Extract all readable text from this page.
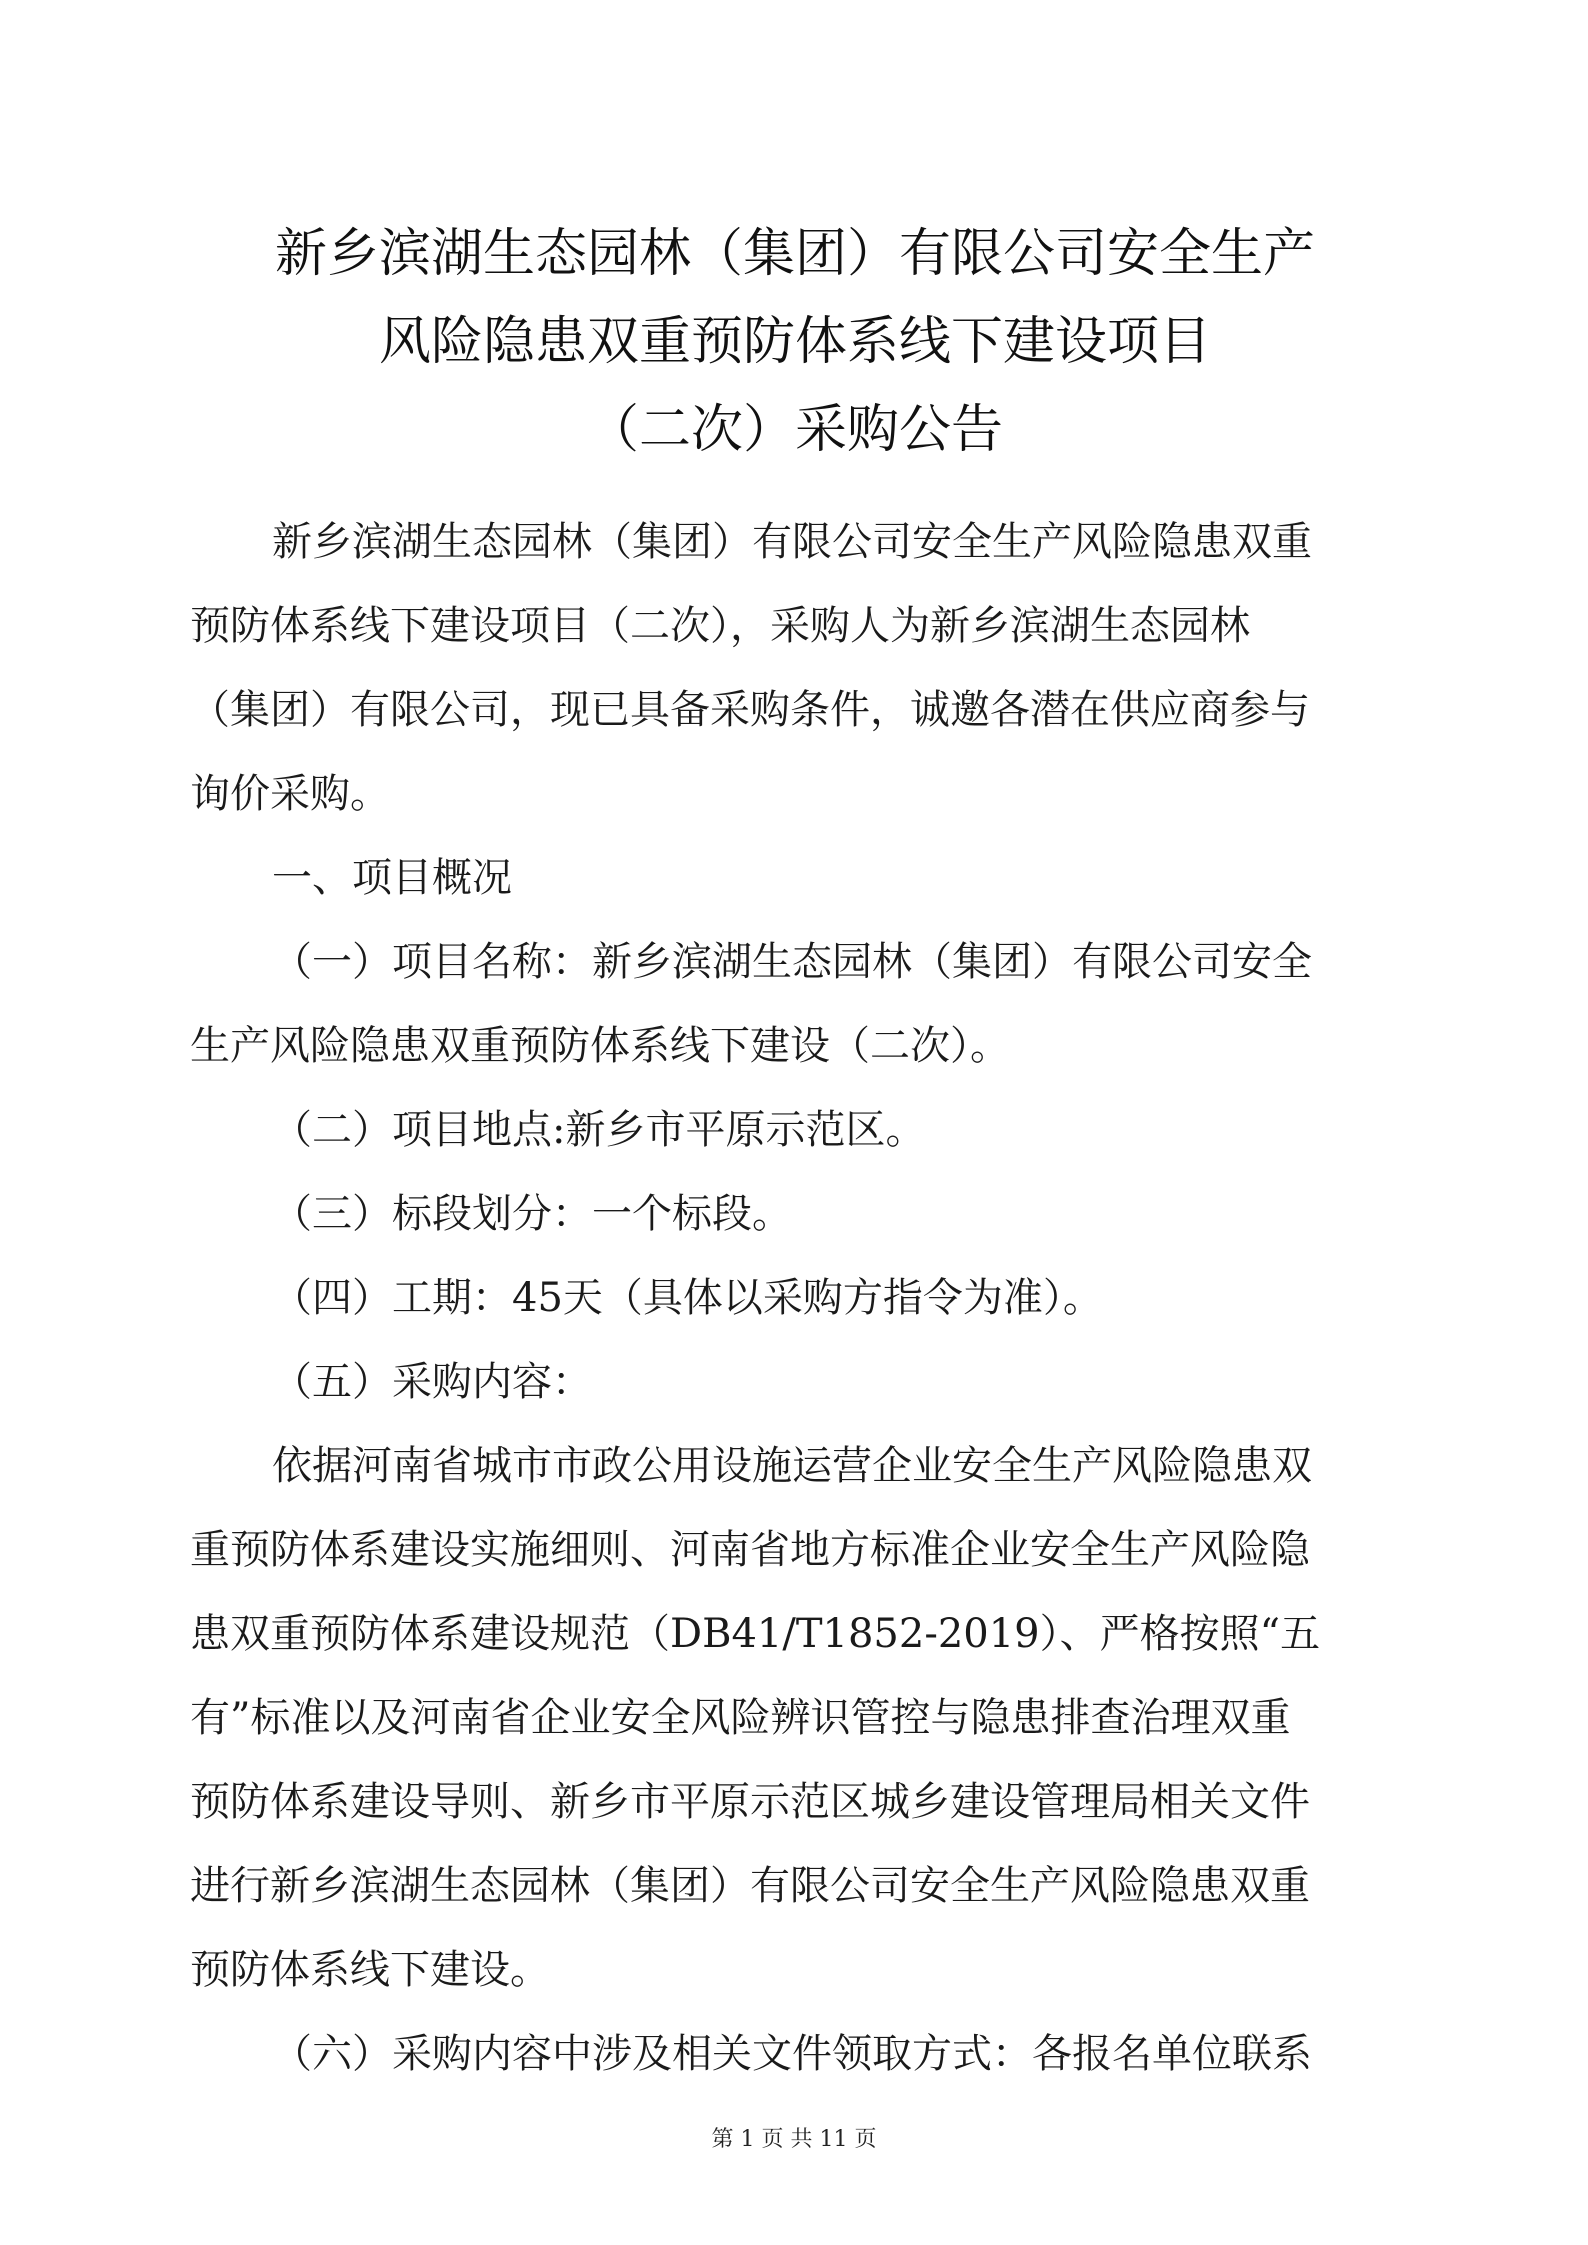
新乡滨湖生态园林（集团）有限公司安全生产
风险隐患双重预防体系线下建设项目
（二次）采购公告
新乡滨湖生态园林（集团）有限公司安全生产风险隐患双重
预防体系线下建设项目（二次），采购人为新乡滨湖生态园林
（集团）有限公司，现已具备采购条件，诚邀各潜在供应商参与
询价采购。
一、项目概况
（一）项目名称：新乡滨湖生态园林（集团）有限公司安全
生产风险隐患双重预防体系线下建设（二次）。
（二）项目地点:新乡市平原示范区。
（三）标段划分：一个标段。
（四）工期：45天（具体以采购方指令为准）。
（五）采购内容：
依据河南省城市市政公用设施运营企业安全生产风险隐患双
重预防体系建设实施细则、河南省地方标准企业安全生产风险隐
患双重预防体系建设规范（DB41/T1852-2019）、严格按照“五
有”标准以及河南省企业安全风险辨识管控与隐患排查治理双重
预防体系建设导则、新乡市平原示范区城乡建设管理局相关文件
进行新乡滨湖生态园林（集团）有限公司安全生产风险隐患双重
预防体系线下建设。
（六）采购内容中涉及相关文件领取方式：各报名单位联系
第 1 页 共 11 页
